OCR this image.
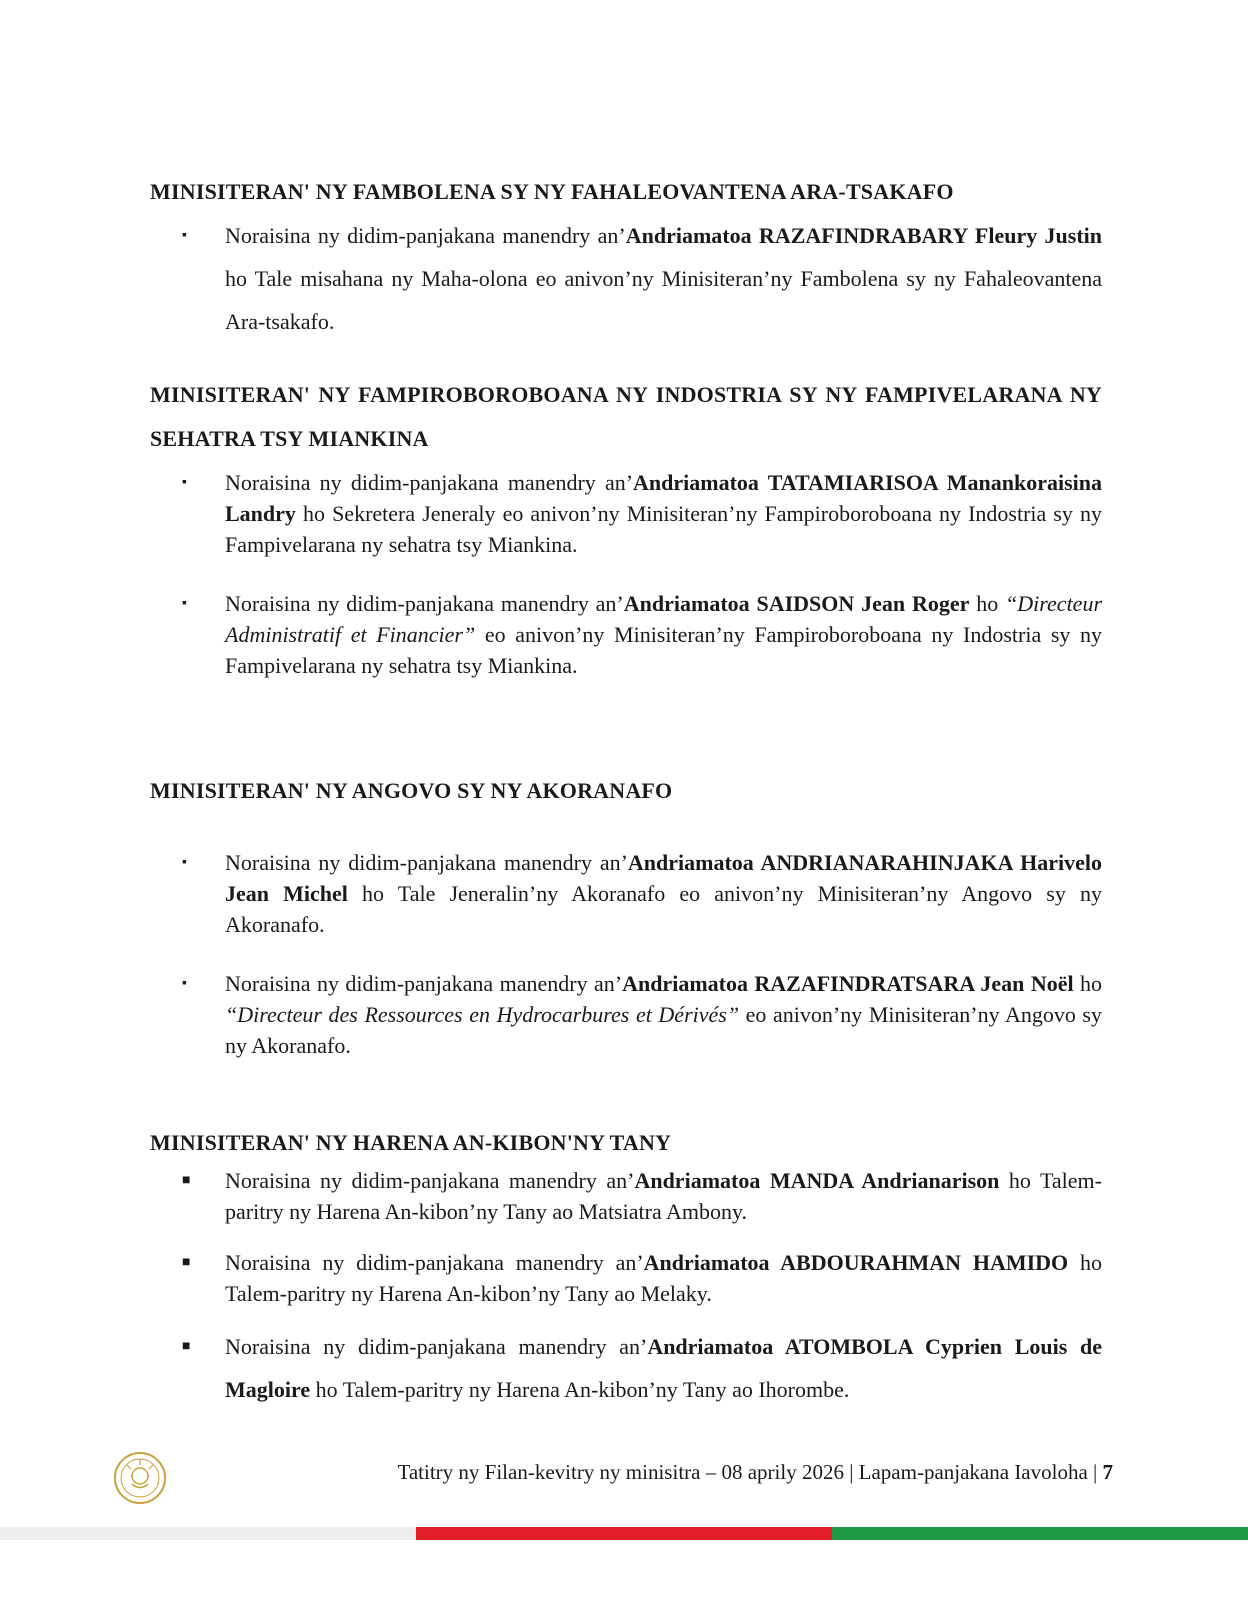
MINISITERAN' NY FAMBOLENA SY NY FAHALEOVANTENA ARA-TSAKAFO
▪ Noraisina ny didim-panjakana manendry an’Andriamatoa RAZAFINDRABARY Fleury Justin ho Tale misahana ny Maha-olona eo anivon’ny Minisiteran’ny Fambolena sy ny Fahaleovantena Ara-tsakafo.
MINISITERAN' NY FAMPIROBOROBOANA NY INDOSTRIA SY NY FAMPIVELARANA NY SEHATRA TSY MIANKINA
▪ Noraisina ny didim-panjakana manendry an’Andriamatoa TATAMIARISOA Manankoraisina Landry ho Sekretera Jeneraly eo anivon’ny Minisiteran’ny Fampiroboroboana ny Indostria sy ny Fampivelarana ny sehatra tsy Miankina.
▪ Noraisina ny didim-panjakana manendry an’Andriamatoa SAIDSON Jean Roger ho “Directeur Administratif et Financier” eo anivon’ny Minisiteran’ny Fampiroboroboana ny Indostria sy ny Fampivelarana ny sehatra tsy Miankina.
MINISITERAN' NY ANGOVO SY NY AKORANAFO
▪ Noraisina ny didim-panjakana manendry an’Andriamatoa ANDRIANARAHINJAKA Harivelo Jean Michel ho Tale Jeneralin’ny Akoranafo eo anivon’ny Minisiteran’ny Angovo sy ny Akoranafo.
▪ Noraisina ny didim-panjakana manendry an’Andriamatoa RAZAFINDRATSARA Jean Noël ho “Directeur des Ressources en Hydrocarbures et Dérivés” eo anivon’ny Minisiteran’ny Angovo sy ny Akoranafo.
MINISITERAN' NY HARENA AN-KIBON'NY TANY
■ Noraisina ny didim-panjakana manendry an’Andriamatoa MANDA Andrianarison ho Talem-paritry ny Harena An-kibon’ny Tany ao Matsiatra Ambony.
■ Noraisina ny didim-panjakana manendry an’Andriamatoa ABDOURAHMAN HAMIDO ho Talem-paritry ny Harena An-kibon’ny Tany ao Melaky.
■ Noraisina ny didim-panjakana manendry an’Andriamatoa ATOMBOLA Cyprien Louis de Magloire ho Talem-paritry ny Harena An-kibon’ny Tany ao Ihorombe.
Tatitry ny Filan-kevitry ny minisitra – 08 aprily 2026 | Lapam-panjakana Iavoloha | 7
